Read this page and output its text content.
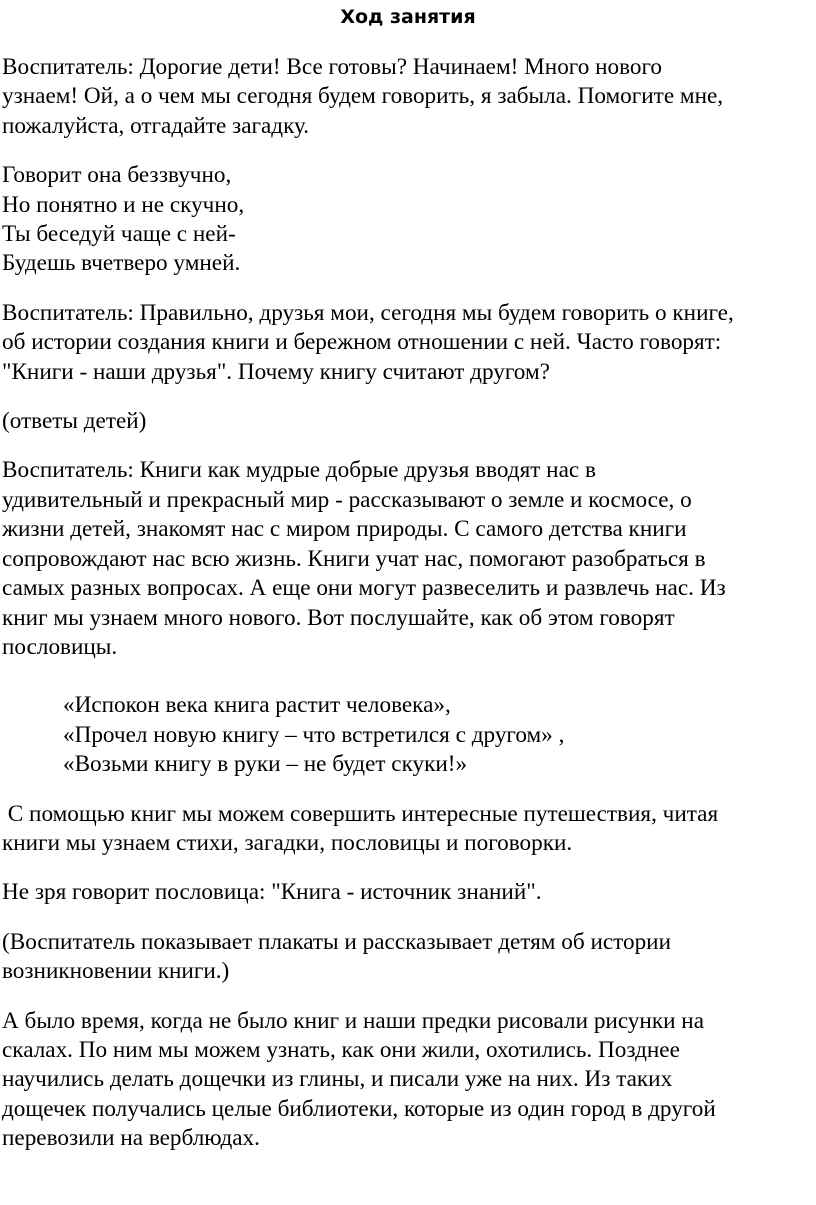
Ход занятия

Воспитатель: Дорогие дети! Все готовы? Начинаем! Много нового
узнаем! Ой, а о чем мы сегодня будем говорить, я забыла. Помогите мне,
пожалуйста, отгадайте загадку.

Говорит она беззвучно,
Но понятно и не скучно,
Ты беседуй чаще с ней-
Будешь вчетверо умней.

Воспитатель: Правильно, друзья мои, сегодня мы будем говорить о книге,
об истории создания книги и бережном отношении с ней. Часто говорят:
"Книги - наши друзья". Почему книгу считают другом?

(ответы детей)

Воспитатель: Книги как мудрые добрые друзья вводят нас в
удивительный и прекрасный мир - рассказывают о земле и космосе, о
жизни детей, знакомят нас с миром природы. С самого детства книги
сопровождают нас всю жизнь. Книги учат нас, помогают разобраться в
самых разных вопросах. А еще они могут развеселить и развлечь нас. Из
книг мы узнаем много нового. Вот послушайте, как об этом говорят
пословицы.

«Испокон века книга растит человека»,
«Прочел новую книгу – что встретился с другом» ,
«Возьми книгу в руки – не будет скуки!»

С помощью книг мы можем совершить интересные путешествия, читая
книги мы узнаем стихи, загадки, пословицы и поговорки.

Не зря говорит пословица: "Книга - источник знаний".

(Воспитатель показывает плакаты и рассказывает детям об истории
возникновении книги.)

А было время, когда не было книг и наши предки рисовали рисунки на
скалах. По ним мы можем узнать, как они жили, охотились. Позднее
научились делать дощечки из глины, и писали уже на них. Из таких
дощечек получались целые библиотеки, которые из один город в другой
перевозили на верблюдах.
